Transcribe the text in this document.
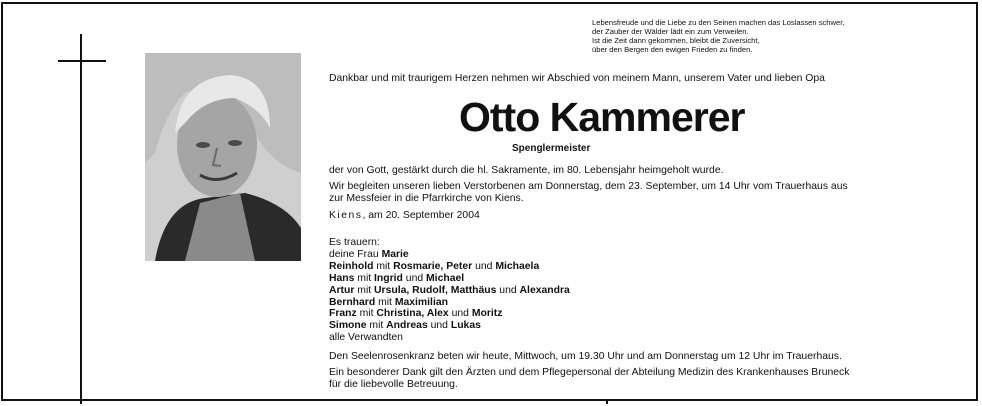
Lebensfreude und die Liebe zu den Seinen machen das Loslassen schwer,
der Zauber der Wälder lädt ein zum Verweilen.
Ist die Zeit dann gekommen, bleibt die Zuversicht,
über den Bergen den ewigen Frieden zu finden.
Dankbar und mit traurigem Herzen nehmen wir Abschied von meinem Mann, unserem Vater und lieben Opa
Otto Kammerer
Spenglermeister
der von Gott, gestärkt durch die hl. Sakramente, im 80. Lebensjahr heimgeholt wurde.
Wir begleiten unseren lieben Verstorbenen am Donnerstag, dem 23. September, um 14 Uhr vom Trauerhaus aus
zur Messfeier in die Pfarrkirche von Kiens.
Kiens, am 20. September 2004
Es trauern:
deine Frau Marie
Reinhold mit Rosmarie, Peter und Michaela
Hans mit Ingrid und Michael
Artur mit Ursula, Rudolf, Matthäus und Alexandra
Bernhard mit Maximilian
Franz mit Christina, Alex und Moritz
Simone mit Andreas und Lukas
alle Verwandten
Den Seelenrosenkranz beten wir heute, Mittwoch, um 19.30 Uhr und am Donnerstag um 12 Uhr im Trauerhaus.
Ein besonderer Dank gilt den Ärzten und dem Pflegepersonal der Abteilung Medizin des Krankenhauses Bruneck
für die liebevolle Betreuung.
